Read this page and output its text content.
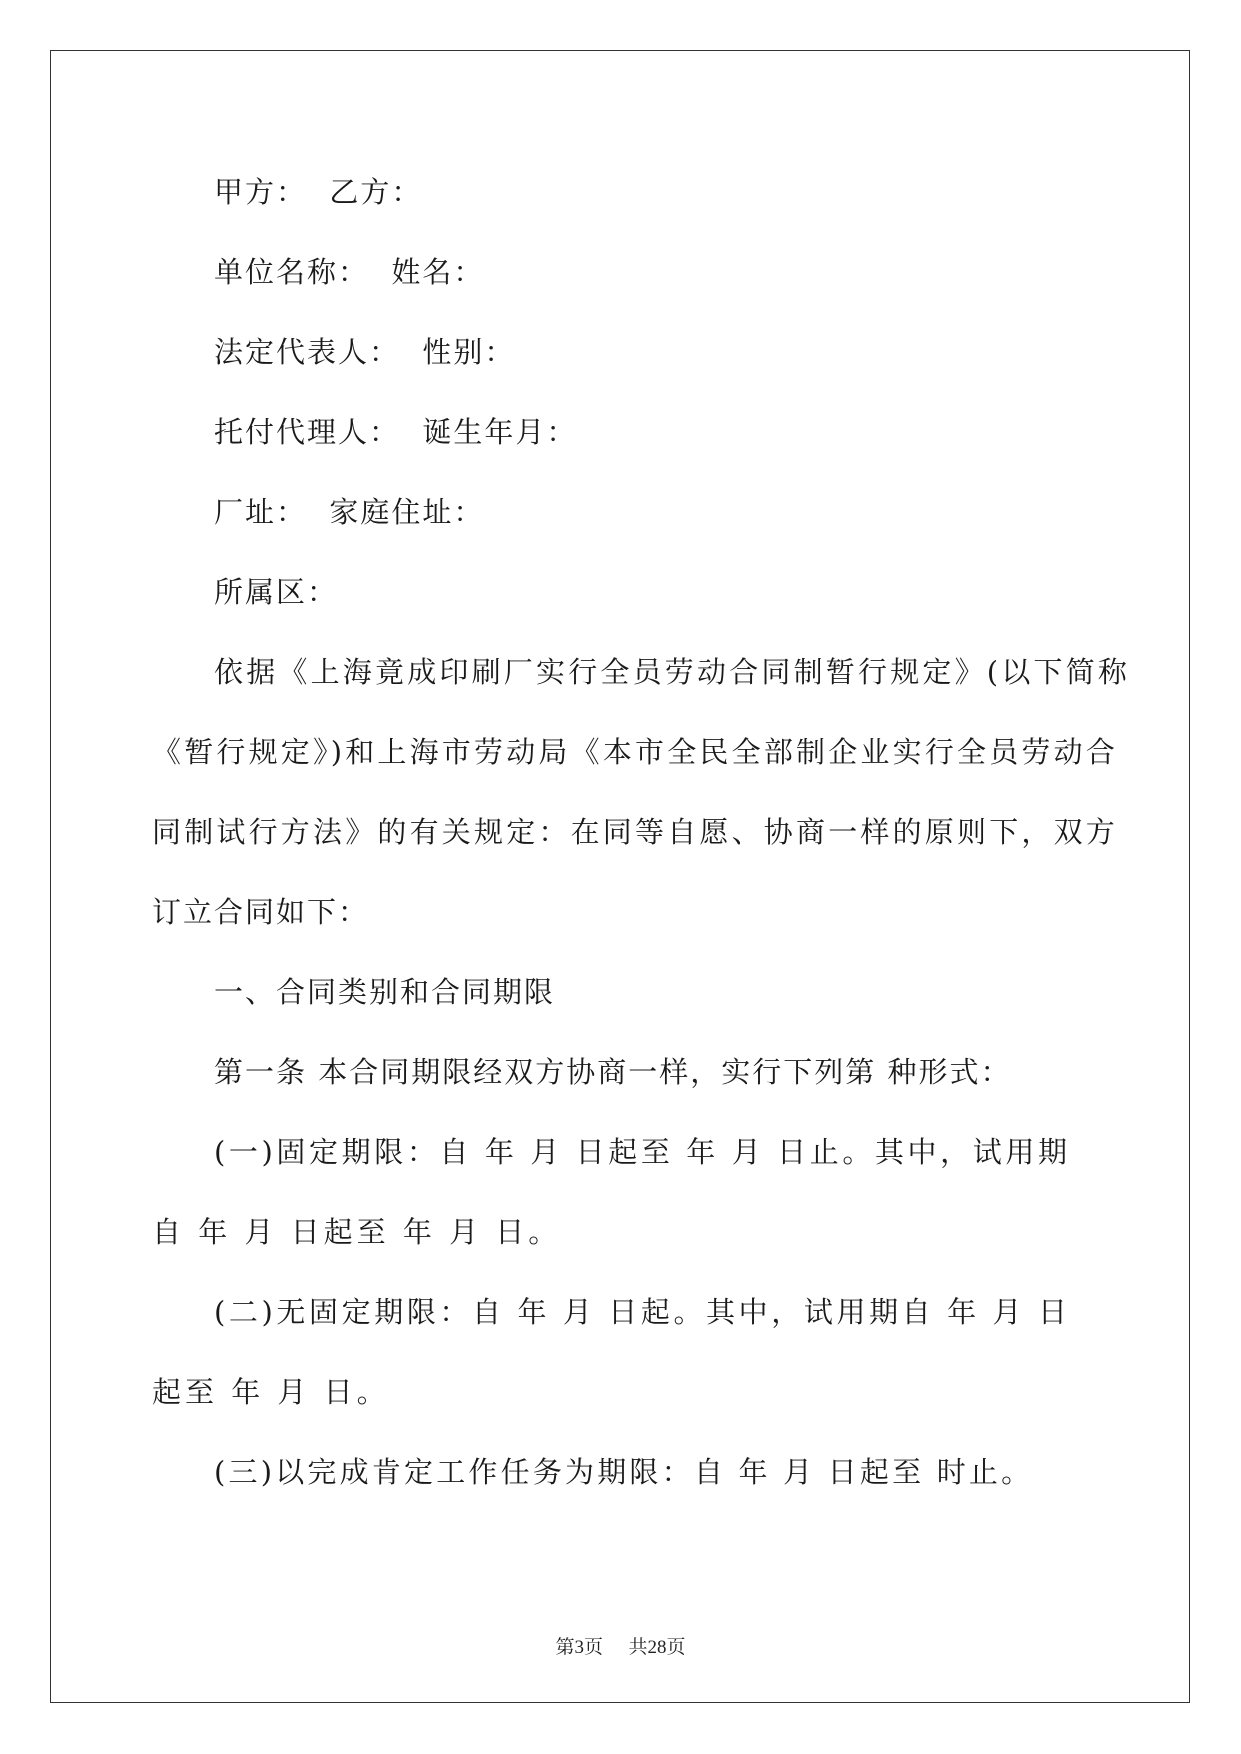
甲方：  乙方：
单位名称：  姓名：
法定代表人：  性别：
托付代理人：  诞生年月：
厂址：  家庭住址：
所属区：
依据《上海竟成印刷厂实行全员劳动合同制暂行规定》(以下简称
《暂行规定》)和上海市劳动局《本市全民全部制企业实行全员劳动合
同制试行方法》的有关规定：在同等自愿、协商一样的原则下，双方
订立合同如下：
一、合同类别和合同期限
第一条 本合同期限经双方协商一样，实行下列第 种形式：
(一)固定期限：自 年 月 日起至 年 月 日止。其中，试用期
自 年 月 日起至 年 月 日。
(二)无固定期限：自 年 月 日起。其中，试用期自 年 月 日
起至 年 月 日。
(三)以完成肯定工作任务为期限：自 年 月 日起至 时止。
第3页 共28页
